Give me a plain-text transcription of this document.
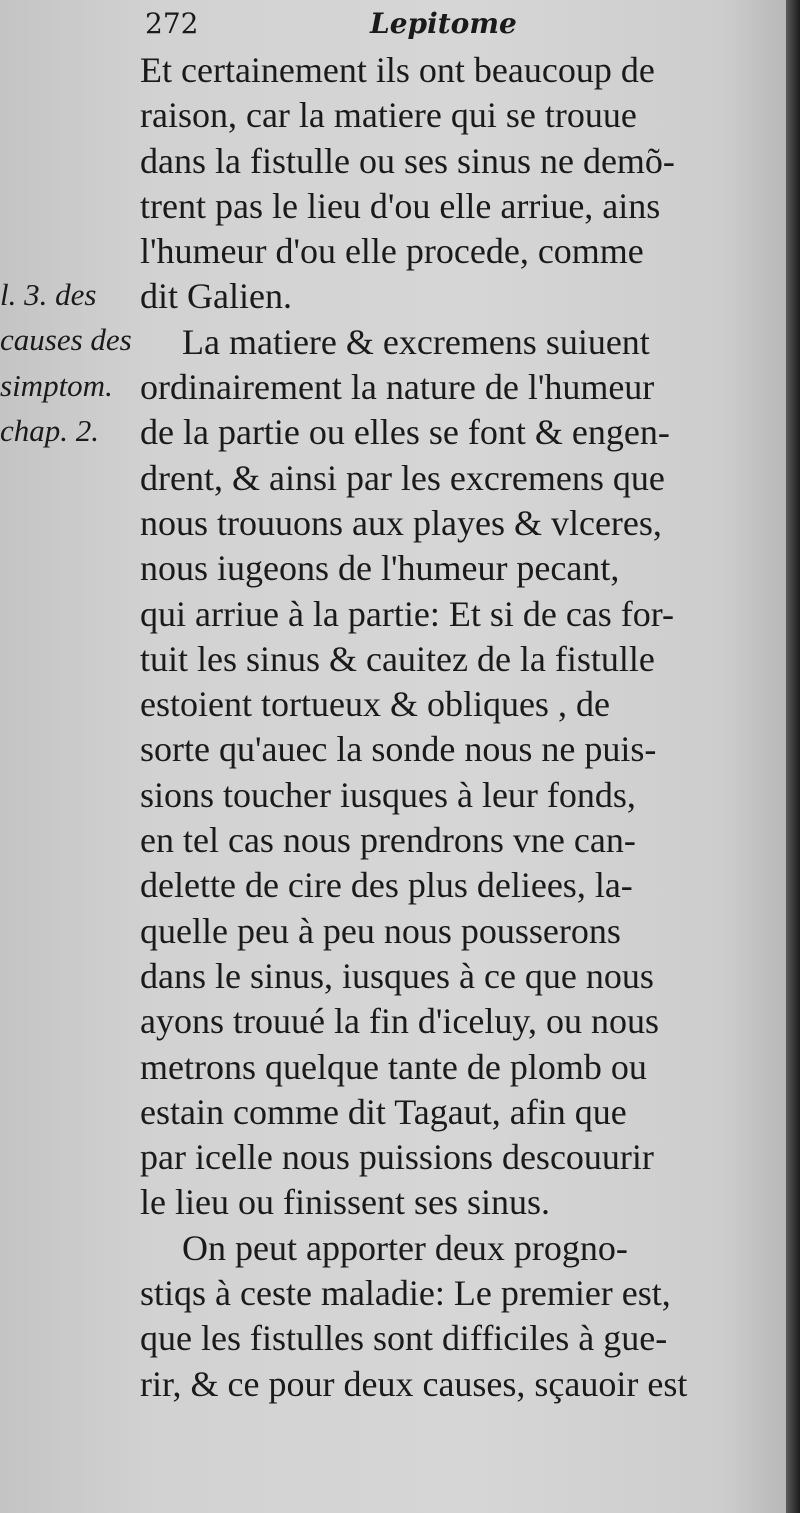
272	Lepitome
l. 3. des
causes des
simptom.
chap. 2.
Et certainement ils ont beaucoup de
raison, car la matiere qui se trouue
dans la fistulle ou ses sinus ne demõ-
trent pas le lieu d'ou elle arriue, ains
l'humeur d'ou elle procede, comme
dit Galien.
La matiere & excremens suiuent
ordinairement la nature de l'humeur
de la partie ou elles se font & engen-
drent, & ainsi par les excremens que
nous trouuons aux playes & vlceres,
nous iugeons de l'humeur pecant,
qui arriue à la partie: Et si de cas for-
tuit les sinus & cauitez de la fistulle
estoient tortueux & obliques , de
sorte qu'auec la sonde nous ne puis-
sions toucher iusques à leur fonds,
en tel cas nous prendrons vne can-
delette de cire des plus deliees, la-
quelle peu à peu nous pousserons
dans le sinus, iusques à ce que nous
ayons trouué la fin d'iceluy, ou nous
metrons quelque tante de plomb ou
estain comme dit Tagaut, afin que
par icelle nous puissions descouurir
le lieu ou finissent ses sinus.
On peut apporter deux progno-
stiqs à ceste maladie: Le premier est,
que les fistulles sont difficiles à gue-
rir, & ce pour deux causes, sçauoir est
